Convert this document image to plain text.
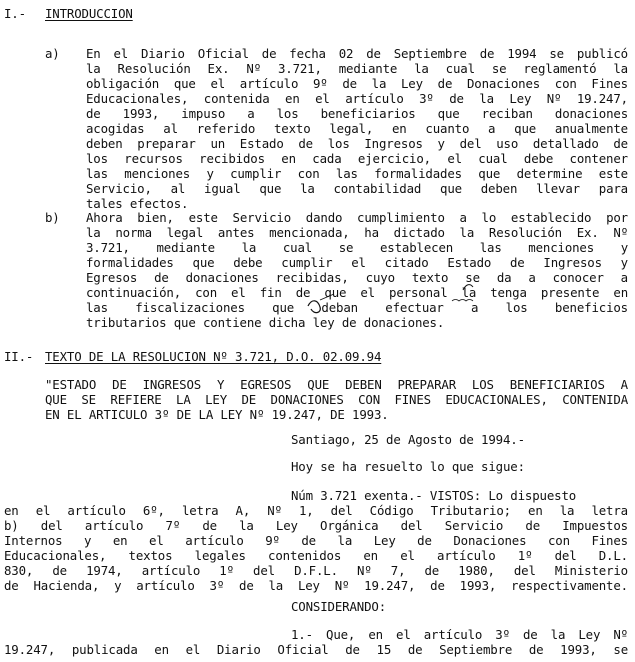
I.- INTRODUCCION
a) En el Diario Oficial de fecha 02 de Septiembre de 1994 se publicó
la Resolución Ex. Nº 3.721, mediante la cual se reglamentó la
obligación que el artículo 9º de la Ley de Donaciones con Fines
Educacionales, contenida en el artículo 3º de la Ley Nº 19.247,
de 1993, impuso a los beneficiarios que reciban donaciones
acogidas al referido texto legal, en cuanto a que anualmente
deben preparar un Estado de los Ingresos y del uso detallado de
los recursos recibidos en cada ejercicio, el cual debe contener
las menciones y cumplir con las formalidades que determine este
Servicio, al igual que la contabilidad que deben llevar para
tales efectos.
b) Ahora bien, este Servicio dando cumplimiento a lo establecido por
la norma legal antes mencionada, ha dictado la Resolución Ex. Nº
3.721, mediante la cual se establecen las menciones y
formalidades que debe cumplir el citado Estado de Ingresos y
Egresos de donaciones recibidas, cuyo texto se da a conocer a
continuación, con el fin de que el personal la tenga presente en
las fiscalizaciones que deban efectuar a los beneficios
tributarios que contiene dicha ley de donaciones.
II.- TEXTO DE LA RESOLUCION Nº 3.721, D.O. 02.09.94
"ESTADO DE INGRESOS Y EGRESOS QUE DEBEN PREPARAR LOS BENEFICIARIOS A
QUE SE REFIERE LA LEY DE DONACIONES CON FINES EDUCACIONALES, CONTENIDA
EN EL ARTICULO 3º DE LA LEY Nº 19.247, DE 1993.
Santiago, 25 de Agosto de 1994.-
Hoy se ha resuelto lo que sigue:
Núm 3.721 exenta.- VISTOS: Lo dispuesto
en el artículo 6º, letra A, Nº 1, del Código Tributario; en la letra
b) del artículo 7º de la Ley Orgánica del Servicio de Impuestos
Internos y en el artículo 9º de la Ley de Donaciones con Fines
Educacionales, textos legales contenidos en el artículo 1º del D.L.
830, de 1974, artículo 1º del D.F.L. Nº 7, de 1980, del Ministerio
de Hacienda, y artículo 3º de la Ley Nº 19.247, de 1993, respectivamente.
CONSIDERANDO:
1.- Que, en el artículo 3º de la Ley Nº
19.247, publicada en el Diario Oficial de 15 de Septiembre de 1993, se
